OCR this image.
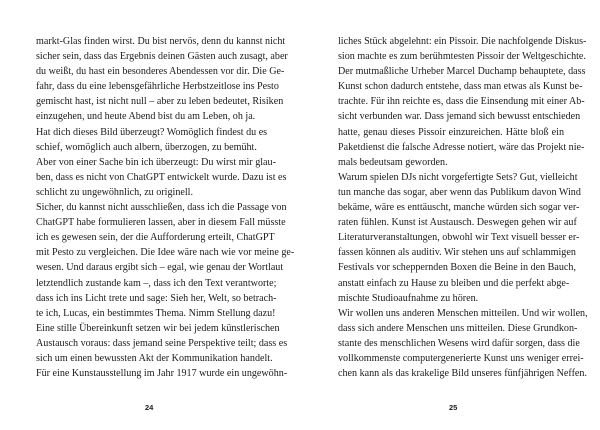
markt-Glas finden wirst. Du bist nervös, denn du kannst nicht
sicher sein, dass das Ergebnis deinen Gästen auch zusagt, aber
du weißt, du hast ein besonderes Abendessen vor dir. Die Ge-
fahr, dass du eine lebensgefährliche Herbstzeitlose ins Pesto
gemischt hast, ist nicht null – aber zu leben bedeutet, Risiken
einzugehen, und heute Abend bist du am Leben, oh ja.
Hat dich dieses Bild überzeugt? Womöglich findest du es
schief, womöglich auch albern, überzogen, zu bemüht.
Aber von einer Sache bin ich überzeugt: Du wirst mir glau-
ben, dass es nicht von ChatGPT entwickelt wurde. Dazu ist es
schlicht zu ungewöhnlich, zu originell.
Sicher, du kannst nicht ausschließen, dass ich die Passage von
ChatGPT habe formulieren lassen, aber in diesem Fall müsste
ich es gewesen sein, der die Aufforderung erteilt, ChatGPT
mit Pesto zu vergleichen. Die Idee wäre nach wie vor meine ge-
wesen. Und daraus ergibt sich – egal, wie genau der Wortlaut
letztendlich zustande kam –, dass ich den Text verantworte;
dass ich ins Licht trete und sage: Sieh her, Welt, so betrach-
te ich, Lucas, ein bestimmtes Thema. Nimm Stellung dazu!
Eine stille Übereinkunft setzen wir bei jedem künstlerischen
Austausch voraus: dass jemand seine Perspektive teilt; dass es
sich um einen bewussten Akt der Kommunikation handelt.
Für eine Kunstausstellung im Jahr 1917 wurde ein ungewöhn-
24
liches Stück abgelehnt: ein Pissoir. Die nachfolgende Diskus-
sion machte es zum berühmtesten Pissoir der Weltgeschichte.
Der mutmaßliche Urheber Marcel Duchamp behauptete, dass
Kunst schon dadurch entstehe, dass man etwas als Kunst be-
trachte. Für ihn reichte es, dass die Einsendung mit einer Ab-
sicht verbunden war. Dass jemand sich bewusst entschieden
hatte, genau dieses Pissoir einzureichen. Hätte bloß ein
Paketdienst die falsche Adresse notiert, wäre das Projekt nie-
mals bedeutsam geworden.
Warum spielen DJs nicht vorgefertigte Sets? Gut, vielleicht
tun manche das sogar, aber wenn das Publikum davon Wind
bekäme, wäre es enttäuscht, manche würden sich sogar ver-
raten fühlen. Kunst ist Austausch. Deswegen gehen wir auf
Literaturveranstaltungen, obwohl wir Text visuell besser er-
fassen können als auditiv. Wir stehen uns auf schlammigen
Festivals vor scheppernden Boxen die Beine in den Bauch,
anstatt einfach zu Hause zu bleiben und die perfekt abge-
mischte Studioaufnahme zu hören.
Wir wollen uns anderen Menschen mitteilen. Und wir wollen,
dass sich andere Menschen uns mitteilen. Diese Grundkon-
stante des menschlichen Wesens wird dafür sorgen, dass die
vollkommenste computergenerierte Kunst uns weniger errei-
chen kann als das krakelige Bild unseres fünfjährigen Neffen.
25
